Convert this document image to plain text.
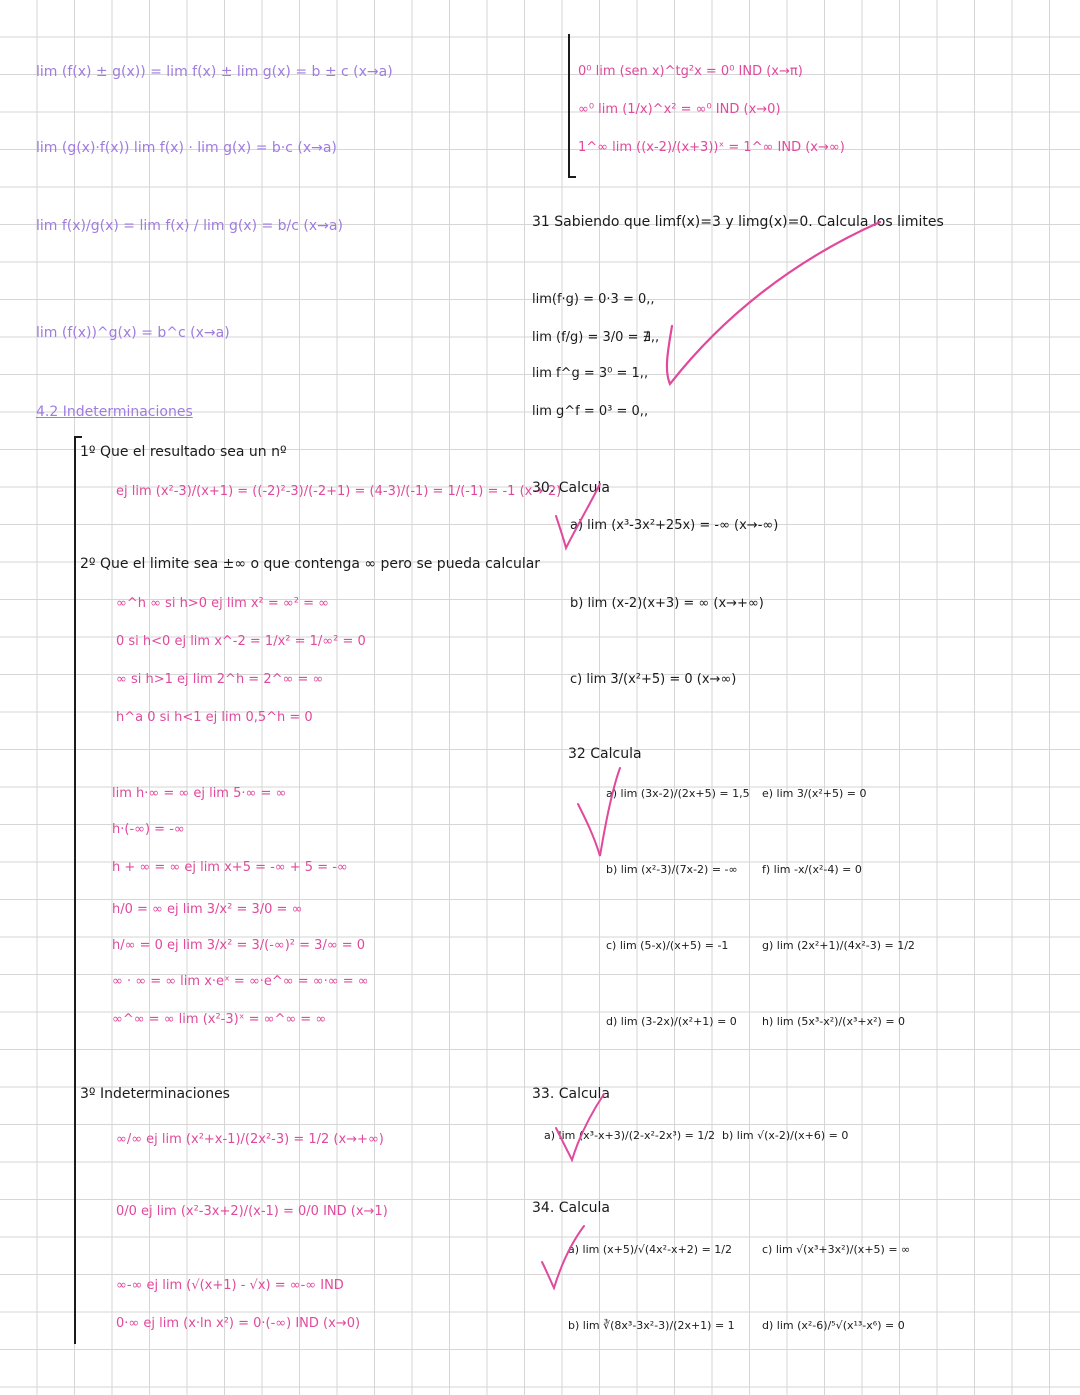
lim (f(x) ± g(x)) = lim f(x) ± lim g(x) = b ± c (x→a)
lim (g(x)·f(x)) lim f(x) · lim g(x) = b·c (x→a)
lim f(x)/g(x) = lim f(x) / lim g(x) = b/c (x→a)
lim (f(x))^g(x) = b^c (x→a)
4.2 Indeterminaciones
1º Que el resultado sea un nº
ej lim (x²-3)/(x+1) = ((-2)²-3)/(-2+1) = (4-3)/(-1) = 1/(-1) = -1 (x→-2)
2º Que el limite sea ±∞ o que contenga ∞ pero se pueda calcular
∞^h ∞ si h>0 ej lim x² = ∞² = ∞
0 si h<0 ej lim x^-2 = 1/x² = 1/∞² = 0
∞ si h>1 ej lim 2^h = 2^∞ = ∞
h^a 0 si h<1 ej lim 0,5^h = 0
lim h·∞ = ∞ ej lim 5·∞ = ∞
h·(-∞) = -∞
h + ∞ = ∞ ej lim x+5 = -∞ + 5 = -∞
h/0 = ∞ ej lim 3/x² = 3/0 = ∞
h/∞ = 0 ej lim 3/x² = 3/(-∞)² = 3/∞ = 0
∞ · ∞ = ∞ lim x·eˣ = ∞·e^∞ = ∞·∞ = ∞
∞^∞ = ∞ lim (x²-3)ˣ = ∞^∞ = ∞
3º Indeterminaciones
∞/∞ ej lim (x²+x-1)/(2x²-3) = 1/2 (x→+∞)
0/0 ej lim (x²-3x+2)/(x-1) = 0/0 IND (x→1)
∞-∞ ej lim (√(x+1) - √x) = ∞-∞ IND
0·∞ ej lim (x·ln x²) = 0·(-∞) IND (x→0)
0⁰ lim (sen x)^tg²x = 0⁰ IND (x→π)
∞⁰ lim (1/x)^x² = ∞⁰ IND (x→0)
1^∞ lim ((x-2)/(x+3))ˣ = 1^∞ IND (x→∞)
31 Sabiendo que limf(x)=3 y limg(x)=0. Calcula los limites
lim(f·g) = 0·3 = 0,,
lim (f/g) = 3/0 = ∄,,
lim f^g = 3⁰ = 1,,
lim g^f = 0³ = 0,,
30. Calcula
a) lim (x³-3x²+25x) = -∞ (x→-∞)
b) lim (x-2)(x+3) = ∞ (x→+∞)
c) lim 3/(x²+5) = 0 (x→∞)
32 Calcula
a) lim (3x-2)/(2x+5) = 1,5
b) lim (x²-3)/(7x-2) = -∞
c) lim (5-x)/(x+5) = -1
d) lim (3-2x)/(x²+1) = 0
e) lim 3/(x²+5) = 0
f) lim -x/(x²-4) = 0
g) lim (2x²+1)/(4x²-3) = 1/2
h) lim (5x³-x²)/(x³+x²) = 0
33. Calcula
a) lim (x³-x+3)/(2-x²-2x³) = 1/2 b) lim √(x-2)/(x+6) = 0
34. Calcula
a) lim (x+5)/√(4x²-x+2) = 1/2	c) lim √(x³+3x²)/(x+5) = ∞
b) lim ∛(8x³-3x²-3)/(2x+1) = 1 d) lim (x²-6)/⁵√(x¹³-x⁶) = 0
